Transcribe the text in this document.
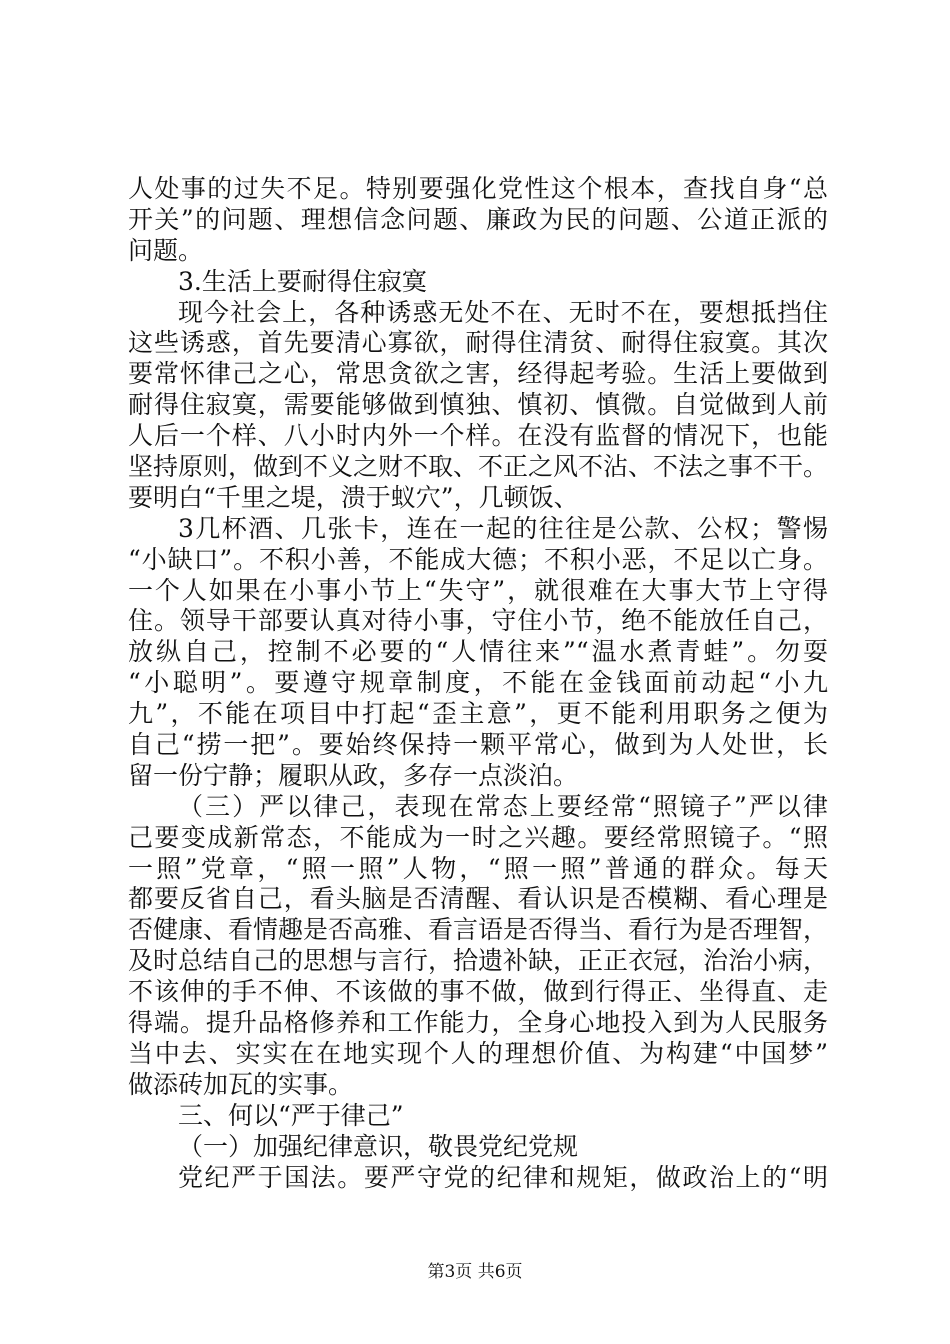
人处事的过失不足。特别要强化党性这个根本，查找自身“总
开关”的问题、理想信念问题、廉政为民的问题、公道正派的
问题。
3.生活上要耐得住寂寞
现今社会上，各种诱惑无处不在、无时不在，要想抵挡住
这些诱惑，首先要清心寡欲，耐得住清贫、耐得住寂寞。其次
要常怀律己之心，常思贪欲之害，经得起考验。生活上要做到
耐得住寂寞，需要能够做到慎独、慎初、慎微。自觉做到人前
人后一个样、八小时内外一个样。在没有监督的情况下，也能
坚持原则，做到不义之财不取、不正之风不沾、不法之事不干。
要明白“千里之堤，溃于蚁穴”，几顿饭、
3几杯酒、几张卡，连在一起的往往是公款、公权；警惕
“小缺口”。不积小善，不能成大德；不积小恶，不足以亡身。
一个人如果在小事小节上“失守”，就很难在大事大节上守得
住。领导干部要认真对待小事，守住小节，绝不能放任自己，
放纵自己，控制不必要的“人情往来”“温水煮青蛙”。勿耍
“小聪明”。要遵守规章制度，不能在金钱面前动起“小九
九”，不能在项目中打起“歪主意”，更不能利用职务之便为
自己“捞一把”。要始终保持一颗平常心，做到为人处世，长
留一份宁静；履职从政，多存一点淡泊。
（三）严以律己，表现在常态上要经常“照镜子”严以律
己要变成新常态，不能成为一时之兴趣。要经常照镜子。“照
一照”党章，“照一照”人物，“照一照”普通的群众。每天
都要反省自己，看头脑是否清醒、看认识是否模糊、看心理是
否健康、看情趣是否高雅、看言语是否得当、看行为是否理智，
及时总结自己的思想与言行，拾遗补缺，正正衣冠，治治小病，
不该伸的手不伸、不该做的事不做，做到行得正、坐得直、走
得端。提升品格修养和工作能力，全身心地投入到为人民服务
当中去、实实在在地实现个人的理想价值、为构建“中国梦”
做添砖加瓦的实事。
三、何以“严于律己”
（一）加强纪律意识，敬畏党纪党规
党纪严于国法。要严守党的纪律和规矩，做政治上的“明
第3页 共6页
